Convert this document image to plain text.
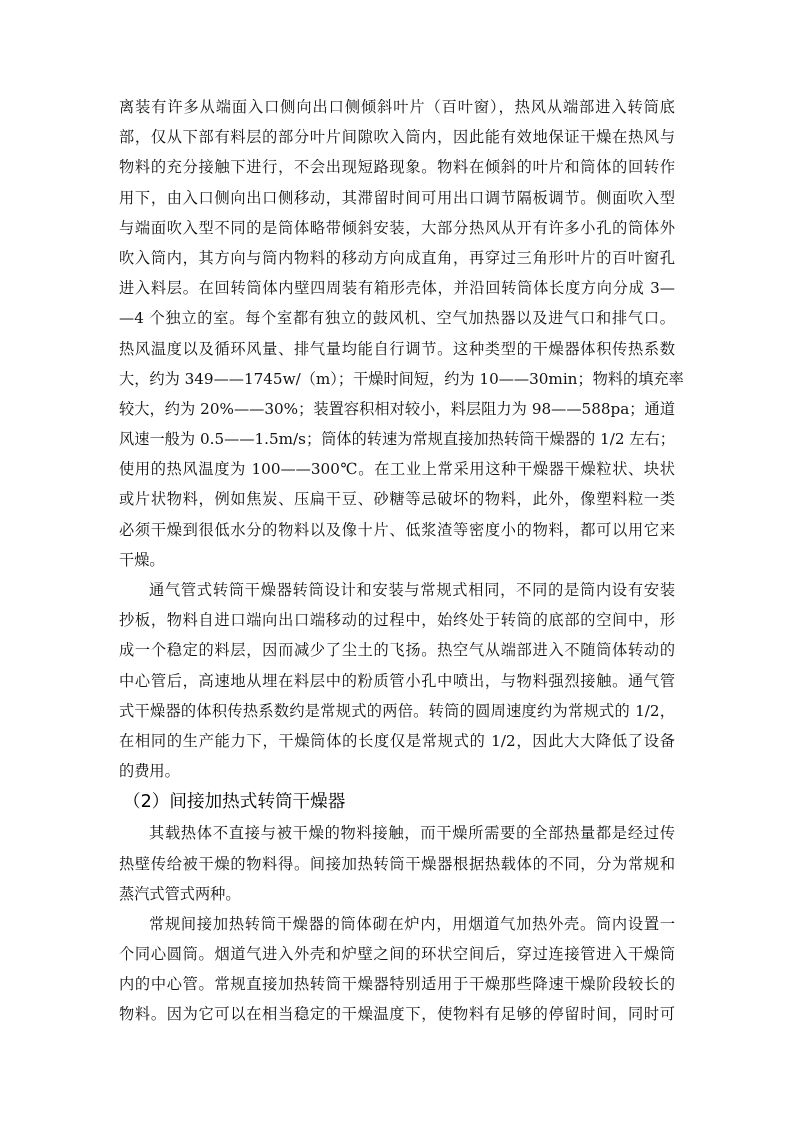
离装有许多从端面入口侧向出口侧倾斜叶片（百叶窗），热风从端部进入转筒底
部，仅从下部有料层的部分叶片间隙吹入筒内，因此能有效地保证干燥在热风与
物料的充分接触下进行，不会出现短路现象。物料在倾斜的叶片和筒体的回转作
用下，由入口侧向出口侧移动，其滞留时间可用出口调节隔板调节。侧面吹入型
与端面吹入型不同的是筒体略带倾斜安装，大部分热风从开有许多小孔的筒体外
吹入筒内，其方向与筒内物料的移动方向成直角，再穿过三角形叶片的百叶窗孔
进入料层。在回转筒体内壁四周装有箱形壳体，并沿回转筒体长度方向分成 3—
—4 个独立的室。每个室都有独立的鼓风机、空气加热器以及进气口和排气口。
热风温度以及循环风量、排气量均能自行调节。这种类型的干燥器体积传热系数
大，约为 349——1745w/（m）；干燥时间短，约为 10——30min；物料的填充率
较大，约为 20%——30%；装置容积相对较小，料层阻力为 98——588pa；通道
风速一般为 0.5——1.5m/s；筒体的转速为常规直接加热转筒干燥器的 1/2 左右；
使用的热风温度为 100——300℃。在工业上常采用这种干燥器干燥粒状、块状
或片状物料，例如焦炭、压扁干豆、砂糖等忌破坏的物料，此外，像塑料粒一类
必须干燥到很低水分的物料以及像十片、低浆渣等密度小的物料，都可以用它来
干燥。
通气管式转筒干燥器转筒设计和安装与常规式相同，不同的是筒内设有安装
抄板，物料自进口端向出口端移动的过程中，始终处于转筒的底部的空间中，形
成一个稳定的料层，因而减少了尘土的飞扬。热空气从端部进入不随筒体转动的
中心管后，高速地从埋在料层中的粉质管小孔中喷出，与物料强烈接触。通气管
式干燥器的体积传热系数约是常规式的两倍。转筒的圆周速度约为常规式的 1/2，
在相同的生产能力下，干燥筒体的长度仅是常规式的 1/2，因此大大降低了设备
的费用。
（2）间接加热式转筒干燥器
其载热体不直接与被干燥的物料接触，而干燥所需要的全部热量都是经过传
热壁传给被干燥的物料得。间接加热转筒干燥器根据热载体的不同，分为常规和
蒸汽式管式两种。
常规间接加热转筒干燥器的筒体砌在炉内，用烟道气加热外壳。筒内设置一
个同心圆筒。烟道气进入外壳和炉壁之间的环状空间后，穿过连接管进入干燥筒
内的中心管。常规直接加热转筒干燥器特别适用于干燥那些降速干燥阶段较长的
物料。因为它可以在相当稳定的干燥温度下，使物料有足够的停留时间，同时可
